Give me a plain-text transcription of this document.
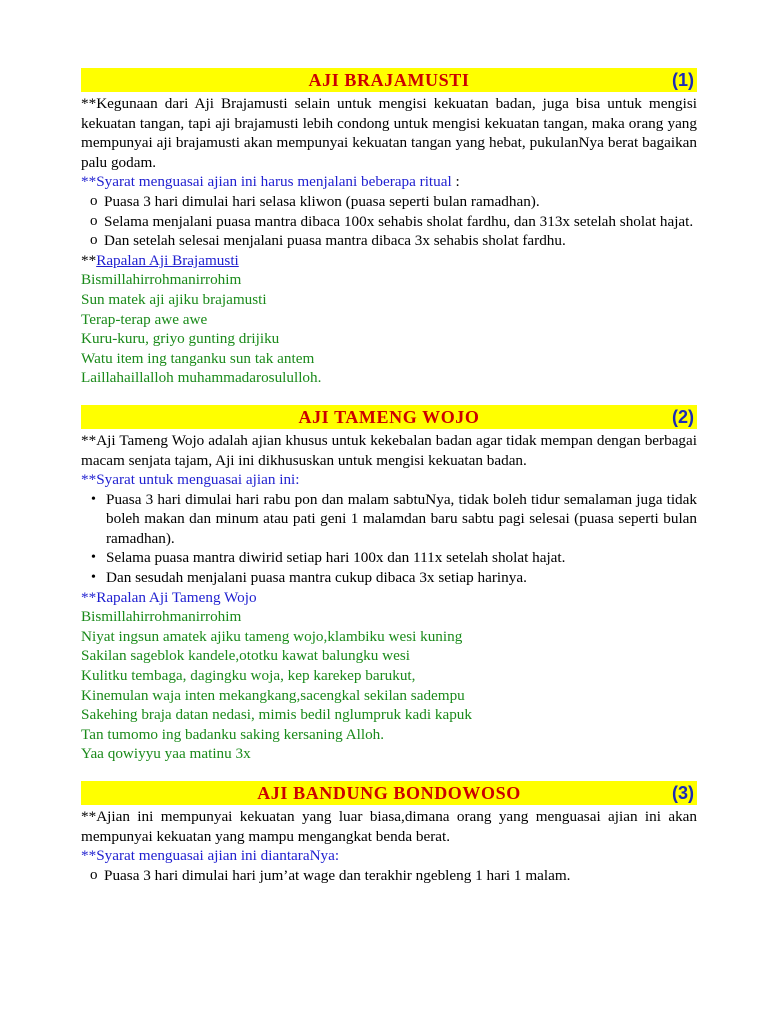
AJI BRAJAMUSTI	(1)

**Kegunaan dari Aji Brajamusti selain untuk mengisi kekuatan badan, juga bisa untuk mengisi kekuatan tangan, tapi aji brajamusti lebih condong untuk mengisi kekuatan tangan, maka orang yang mempunyai aji brajamusti akan mempunyai kekuatan tangan yang hebat, pukulanNya berat bagaikan palu godam.

**Syarat menguasai ajian ini harus menjalani beberapa ritual :

o Puasa 3 hari dimulai hari selasa kliwon (puasa seperti bulan ramadhan).
o Selama menjalani puasa mantra dibaca 100x sehabis sholat fardhu, dan 313x setelah sholat hajat.
o Dan setelah selesai menjalani puasa mantra dibaca 3x sehabis sholat fardhu.

**Rapalan Aji Brajamusti

Bismillahirrohmanirrohim

Sun matek aji ajiku brajamusti

Terap-terap awe awe

Kuru-kuru, griyo gunting drijiku

Watu item ing tanganku sun tak antem

Laillahaillalloh muhammadarosululloh.

AJI TAMENG WOJO	(2)

**Aji Tameng Wojo adalah ajian khusus untuk kekebalan badan agar tidak mempan dengan berbagai macam senjata tajam, Aji ini dikhususkan untuk mengisi kekuatan badan.

**Syarat untuk menguasai ajian ini:

• Puasa 3 hari dimulai hari rabu pon dan malam sabtuNya, tidak boleh tidur semalaman juga tidak boleh makan dan minum atau pati geni 1 malamdan baru sabtu pagi selesai (puasa seperti bulan ramadhan).
• Selama puasa mantra diwirid setiap hari 100x dan 111x setelah sholat hajat.
• Dan sesudah menjalani puasa mantra cukup dibaca 3x setiap harinya.

**Rapalan Aji Tameng Wojo

Bismillahirrohmanirrohim

Niyat ingsun amatek ajiku tameng wojo,klambiku wesi kuning

Sakilan sageblok kandele,ototku kawat balungku wesi

Kulitku tembaga, dagingku woja, kep karekep barukut,

Kinemulan waja inten mekangkang,sacengkal sekilan sadempu

Sakehing braja datan nedasi, mimis bedil nglumpruk kadi kapuk

Tan tumomo ing badanku saking kersaning Alloh.

Yaa qowiyyu yaa matinu 3x

AJI BANDUNG BONDOWOSO	(3)

**Ajian ini mempunyai kekuatan yang luar biasa,dimana orang yang menguasai ajian ini akan mempunyai kekuatan yang mampu mengangkat benda berat.

**Syarat menguasai ajian ini diantaraNya:

o Puasa 3 hari dimulai hari jum’at wage dan terakhir ngebleng 1 hari 1 malam.
